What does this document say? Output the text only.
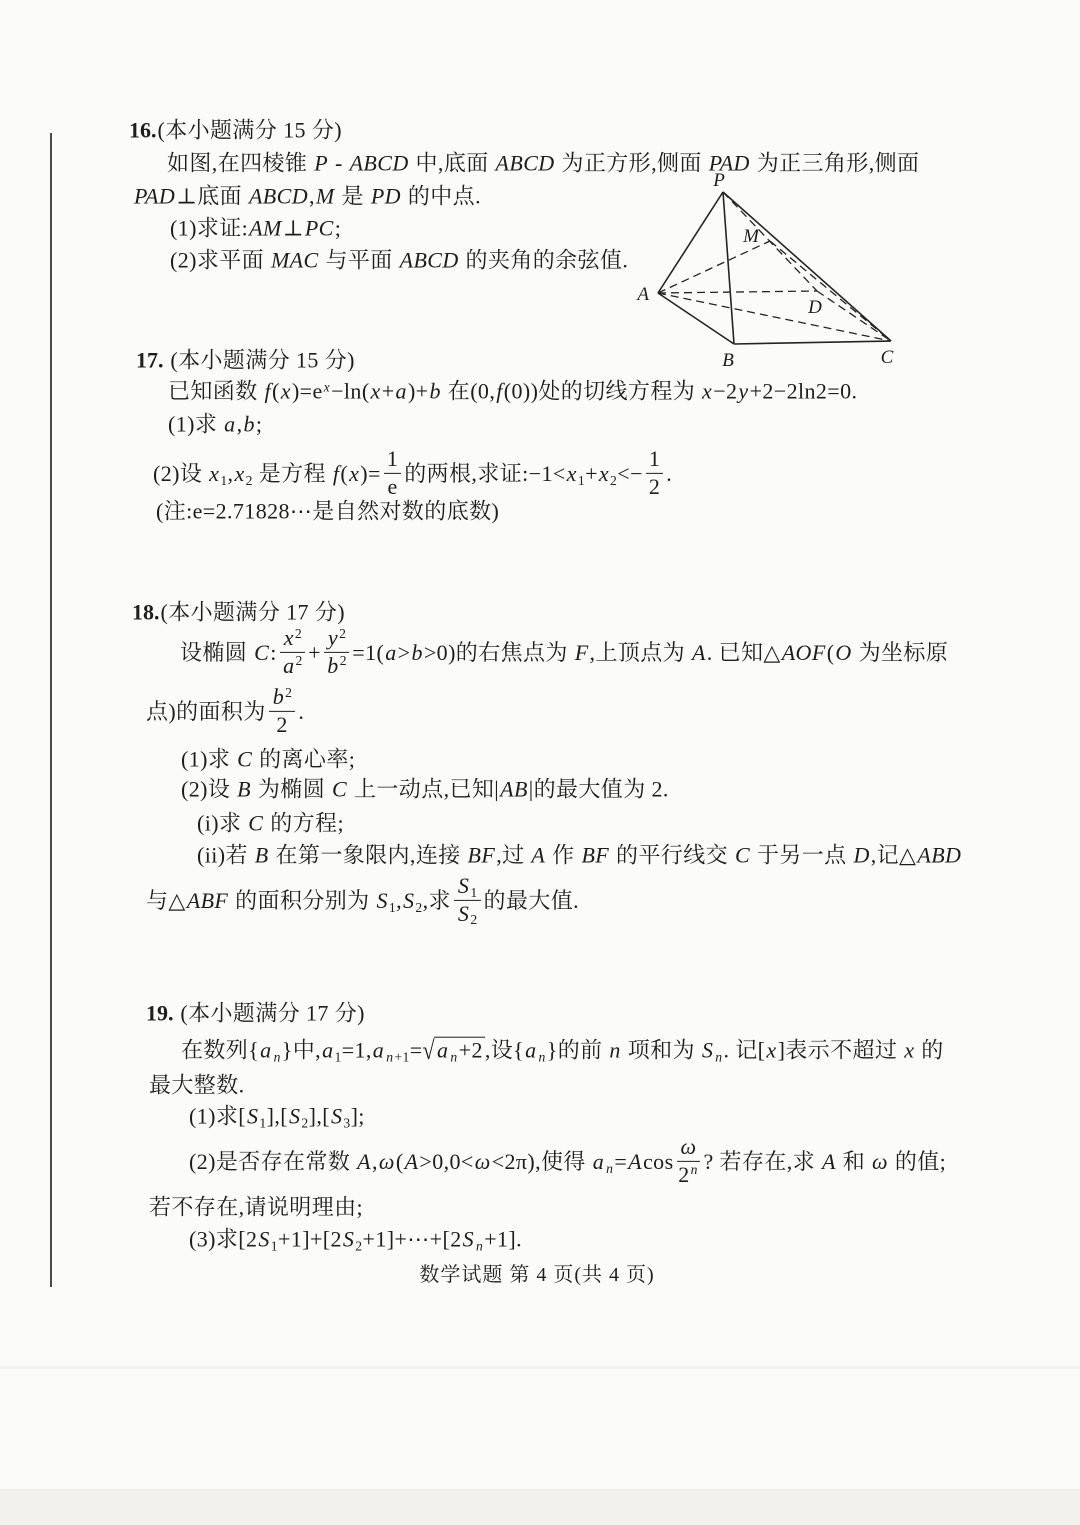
16.(本小题满分 15 分)
如图,在四棱锥 P - ABCD 中,底面 ABCD 为正方形,侧面 PAD 为正三角形,侧面
PAD⊥底面 ABCD,M 是 PD 的中点.
(1)求证:AM⊥PC;
(2)求平面 MAC 与平面 ABCD 的夹角的余弦值.
P
M
A
B	C
D
17. (本小题满分 15 分)
已知函数 $f(x)=e^x-\ln(x+a)+b$ 在(0,f(0))处的切线方程为 x−2y+2−2ln2=0.
(1)求 a,b;
(2)设 $x_1,x_2$ 是方程 $f(x)= \frac{1}{e}$ 的两根,求证$:-1<x_1+x_2<- \frac{1}{2}$ .
(注:e=2.71828⋯是自然对数的底数)
18.(本小题满分 17 分)
设椭圆 C: $\frac{x^2}{a^2} + \frac{y^2}{b^2} =1(a>b>0)$的右焦点为 F,上顶点为 A. 已知△AOF(O 为坐标原
点)的面积为 $\frac{b^2}{2}$ .
(1)求 C 的离心率;
(2)设 B 为椭圆 C 上一动点,已知|AB|的最大值为 2.
(i)求 C 的方程;
(ii)若 B 在第一象限内,连接 BF,过 A 作 BF 的平行线交 C 于另一点 D,记△ABD
与△ABF 的面积分别为 $S_1,S_2$,求 $\frac{S_1}{S_2}$ 的最大值.
19. (本小题满分 17 分)
在数列{a $_n$}中$,a_1=1,a$ $_{n+1}$=√a $_n$+2,设{a $_n$}的前 n 项和为 S $_n$. 记[x]表示不超过 x 的
最大整数.
(1)求$[S_1],[S_2],[S_3]$;
(2)是否存在常数 A,ω(A>0,0<ω<2π),使得 a $_n=Acos \frac{\omega}{2^n}$ ? 若存在,求 A 和 ω 的值;
若不存在,请说明理由;
(3)求$[2S_1+1]+[2S_2+1]+\cdots+[2S$ $_n$+1].
数学试题 第 4 页(共 4 页)
